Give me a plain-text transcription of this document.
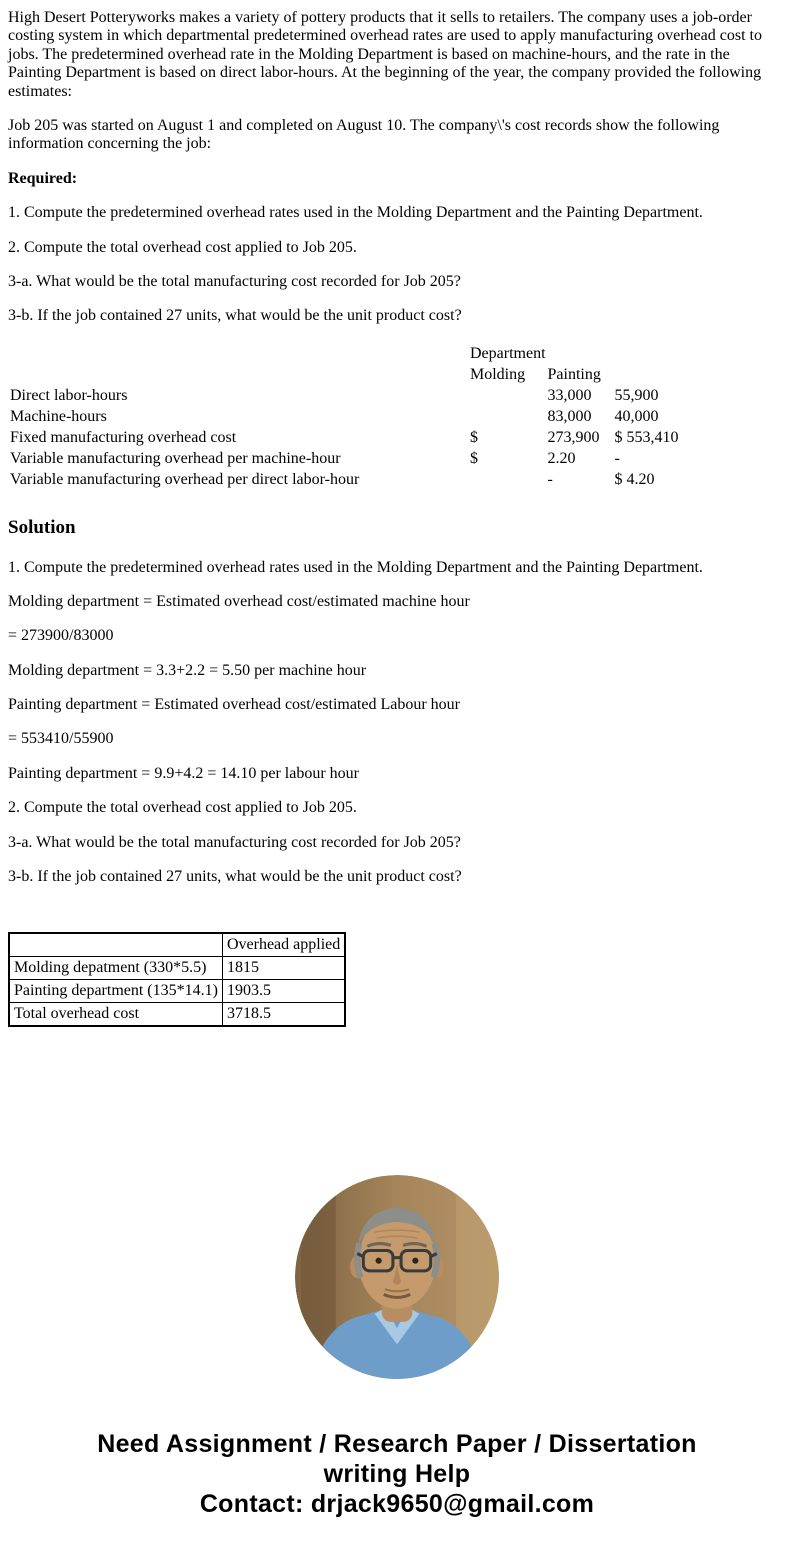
High Desert Potteryworks makes a variety of pottery products that it sells to retailers. The company uses a job-order costing system in which departmental predetermined overhead rates are used to apply manufacturing overhead cost to jobs. The predetermined overhead rate in the Molding Department is based on machine-hours, and the rate in the Painting Department is based on direct labor-hours. At the beginning of the year, the company provided the following estimates:

Job 205 was started on August 1 and completed on August 10. The company\'s cost records show the following information concerning the job:

Required:

1. Compute the predetermined overhead rates used in the Molding Department and the Painting Department.

2. Compute the total overhead cost applied to Job 205.

3-a. What would be the total manufacturing cost recorded for Job 205?

3-b. If the job contained 27 units, what would be the unit product cost?

	Department		
	Molding	Painting	
Direct labor-hours		33,000	55,900
Machine-hours		83,000	40,000
Fixed manufacturing overhead cost	$	273,900	$ 553,410
Variable manufacturing overhead per machine-hour	$	2.20	-
Variable manufacturing overhead per direct labor-hour		-	$ 4.20
Solution

1. Compute the predetermined overhead rates used in the Molding Department and the Painting Department.

Molding department = Estimated overhead cost/estimated machine hour

= 273900/83000

Molding department = 3.3+2.2 = 5.50 per machine hour

Painting department = Estimated overhead cost/estimated Labour hour

= 553410/55900

Painting department = 9.9+4.2 = 14.10 per labour hour

2. Compute the total overhead cost applied to Job 205.

3-a. What would be the total manufacturing cost recorded for Job 205?

3-b. If the job contained 27 units, what would be the unit product cost?

	Overhead applied
Molding depatment (330*5.5)	1815
Painting department (135*14.1)	1903.5
Total overhead cost	3718.5
Need Assignment / Research Paper / Dissertation
writing Help
Contact: drjack9650@gmail.com
